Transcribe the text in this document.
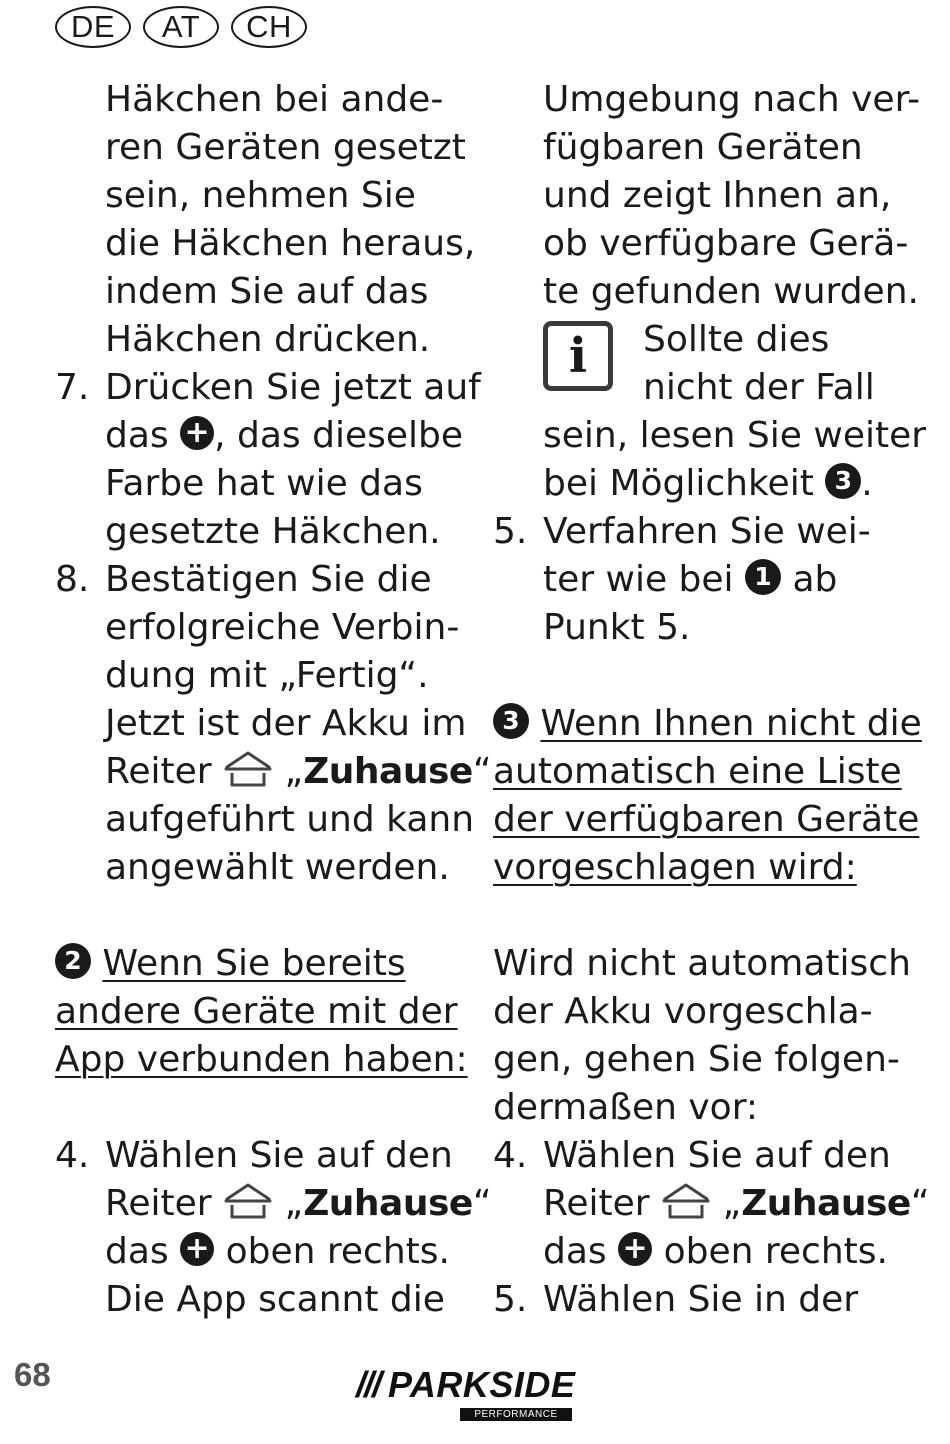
DE	AT	CH
Häkchen bei ande-
ren Geräten gesetzt
sein, nehmen Sie
die Häkchen heraus,
indem Sie auf das
Häkchen drücken.
7. Drücken Sie jetzt auf
das + , das dieselbe
Farbe hat wie das
gesetzte Häkchen.
8. Bestätigen Sie die
erfolgreiche Verbin-
dung mit „Fertig“.
Jetzt ist der Akku im
Reiter „Zuhause“
aufgeführt und kann
angewählt werden.
2 Wenn Sie bereits
andere Geräte mit der
App verbunden haben:
4. Wählen Sie auf den
Reiter „Zuhause“
das + oben rechts.
Die App scannt die
Umgebung nach ver-
fügbaren Geräten
und zeigt Ihnen an,
ob verfügbare Gerä-
te gefunden wurden.
i	Sollte dies
nicht der Fall
sein, lesen Sie weiter
bei Möglichkeit 3 .
5. Verfahren Sie wei-
ter wie bei 1 ab
Punkt 5.
3 Wenn Ihnen nicht die
automatisch eine Liste
der verfügbaren Geräte
vorgeschlagen wird:
Wird nicht automatisch
der Akku vorgeschla-
gen, gehen Sie folgen-
dermaßen vor:
4. Wählen Sie auf den
Reiter „Zuhause“
das + oben rechts.
5. Wählen Sie in der
68	/// PARKSIDE
PERFORMANCE
